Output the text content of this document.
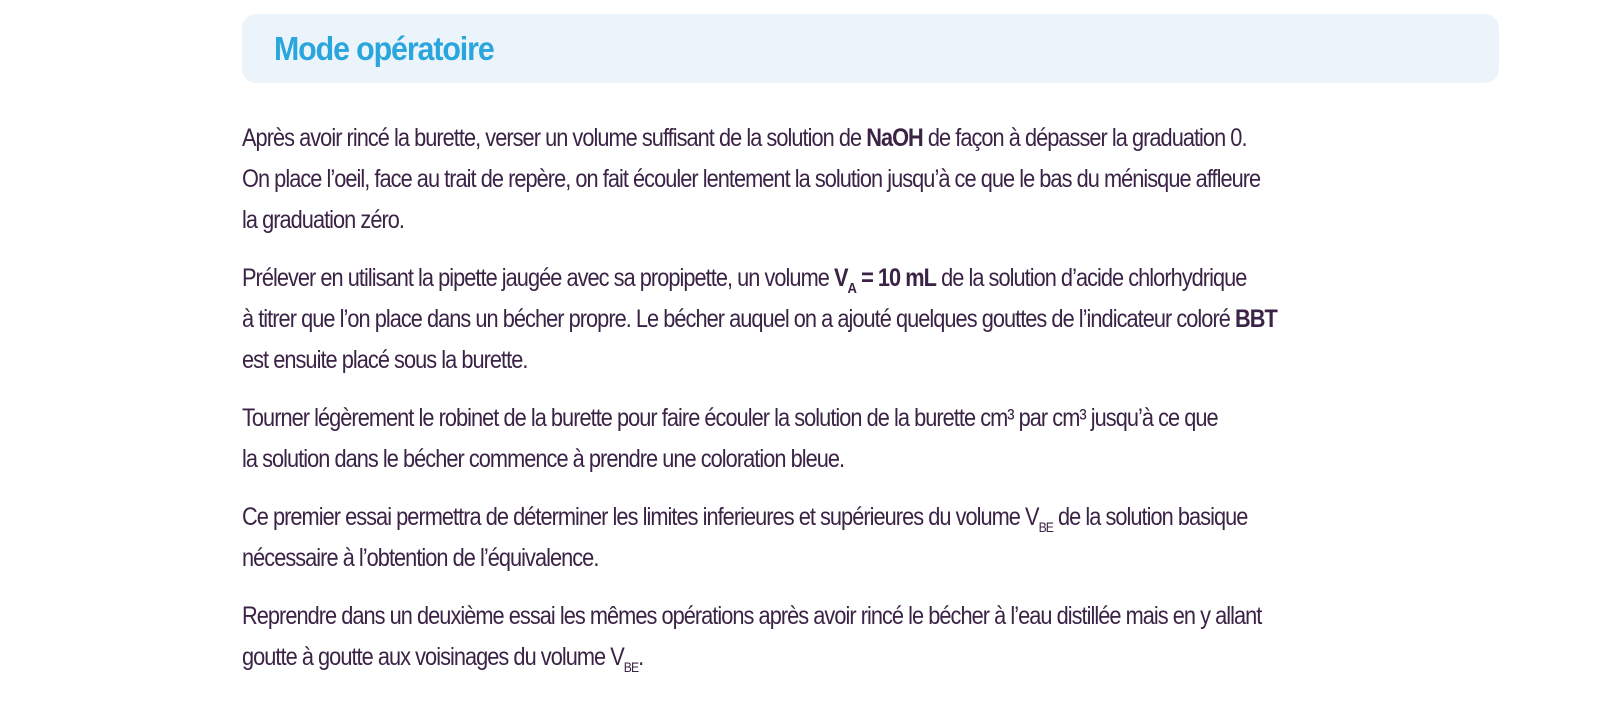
Mode opératoire

Après avoir rincé la burette, verser un volume suffisant de la solution de NaOH de façon à dépasser la graduation 0.
On place l’oeil, face au trait de repère, on fait écouler lentement la solution jusqu’à ce que le bas du ménisque affleure
la graduation zéro.

Prélever en utilisant la pipette jaugée avec sa propipette, un volume $V_A = 10$ mL de la solution d’acide chlorhydrique
à titrer que l’on place dans un bécher propre. Le bécher auquel on a ajouté quelques gouttes de l’indicateur coloré BBT
est ensuite placé sous la burette.

Tourner légèrement le robinet de la burette pour faire écouler la solution de la burette cm³ par cm³ jusqu’à ce que
la solution dans le bécher commence à prendre une coloration bleue.

Ce premier essai permettra de déterminer les limites inferieures et supérieures du volume $V_{BE}$ de la solution basique
nécessaire à l’obtention de l’équivalence.

Reprendre dans un deuxième essai les mêmes opérations après avoir rincé le bécher à l’eau distillée mais en y allant
goutte à goutte aux voisinages du volume $V_{BE}$.
